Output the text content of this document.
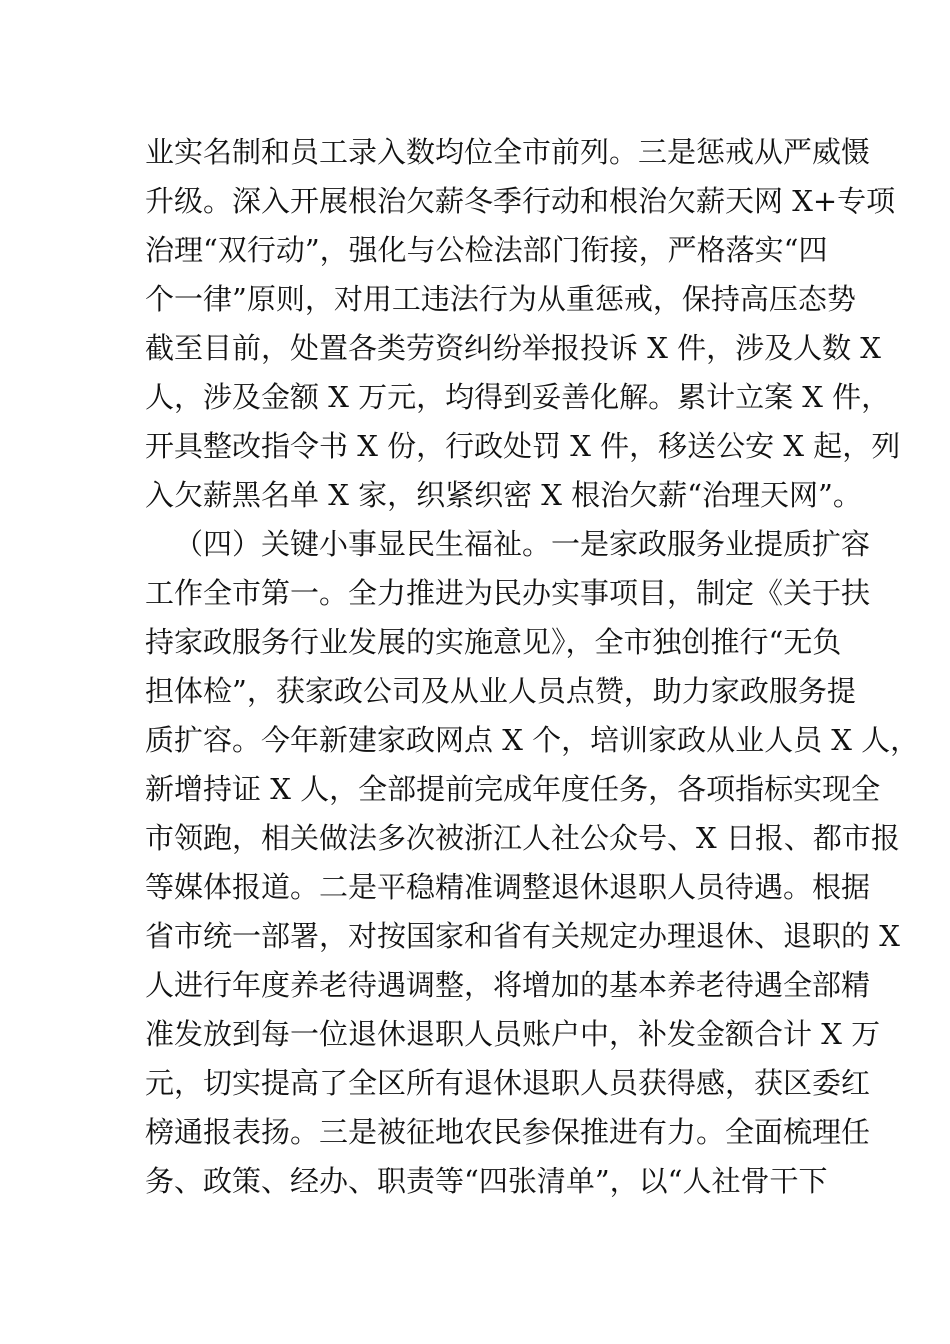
业实名制和员工录入数均位全市前列。三是惩戒从严威慑
升级。深入开展根治欠薪冬季行动和根治欠薪天网 X+专项
治理“双行动”，强化与公检法部门衔接，严格落实“四
个一律”原则，对用工违法行为从重惩戒，保持高压态势
截至目前，处置各类劳资纠纷举报投诉 X 件，涉及人数 X
人，涉及金额 X 万元，均得到妥善化解。累计立案 X 件，
开具整改指令书 X 份，行政处罚 X 件，移送公安 X 起，列
入欠薪黑名单 X 家，织紧织密 X 根治欠薪“治理天网”。
（四）关键小事显民生福祉。一是家政服务业提质扩容
工作全市第一。全力推进为民办实事项目，制定《关于扶
持家政服务行业发展的实施意见》，全市独创推行“无负
担体检”，获家政公司及从业人员点赞，助力家政服务提
质扩容。今年新建家政网点 X 个，培训家政从业人员 X 人，
新增持证 X 人，全部提前完成年度任务，各项指标实现全
市领跑，相关做法多次被浙江人社公众号、X 日报、都市报
等媒体报道。二是平稳精准调整退休退职人员待遇。根据
省市统一部署，对按国家和省有关规定办理退休、退职的 X
人进行年度养老待遇调整，将增加的基本养老待遇全部精
准发放到每一位退休退职人员账户中，补发金额合计 X 万
元，切实提高了全区所有退休退职人员获得感，获区委红
榜通报表扬。三是被征地农民参保推进有力。全面梳理任
务、政策、经办、职责等“四张清单”，以“人社骨干下
